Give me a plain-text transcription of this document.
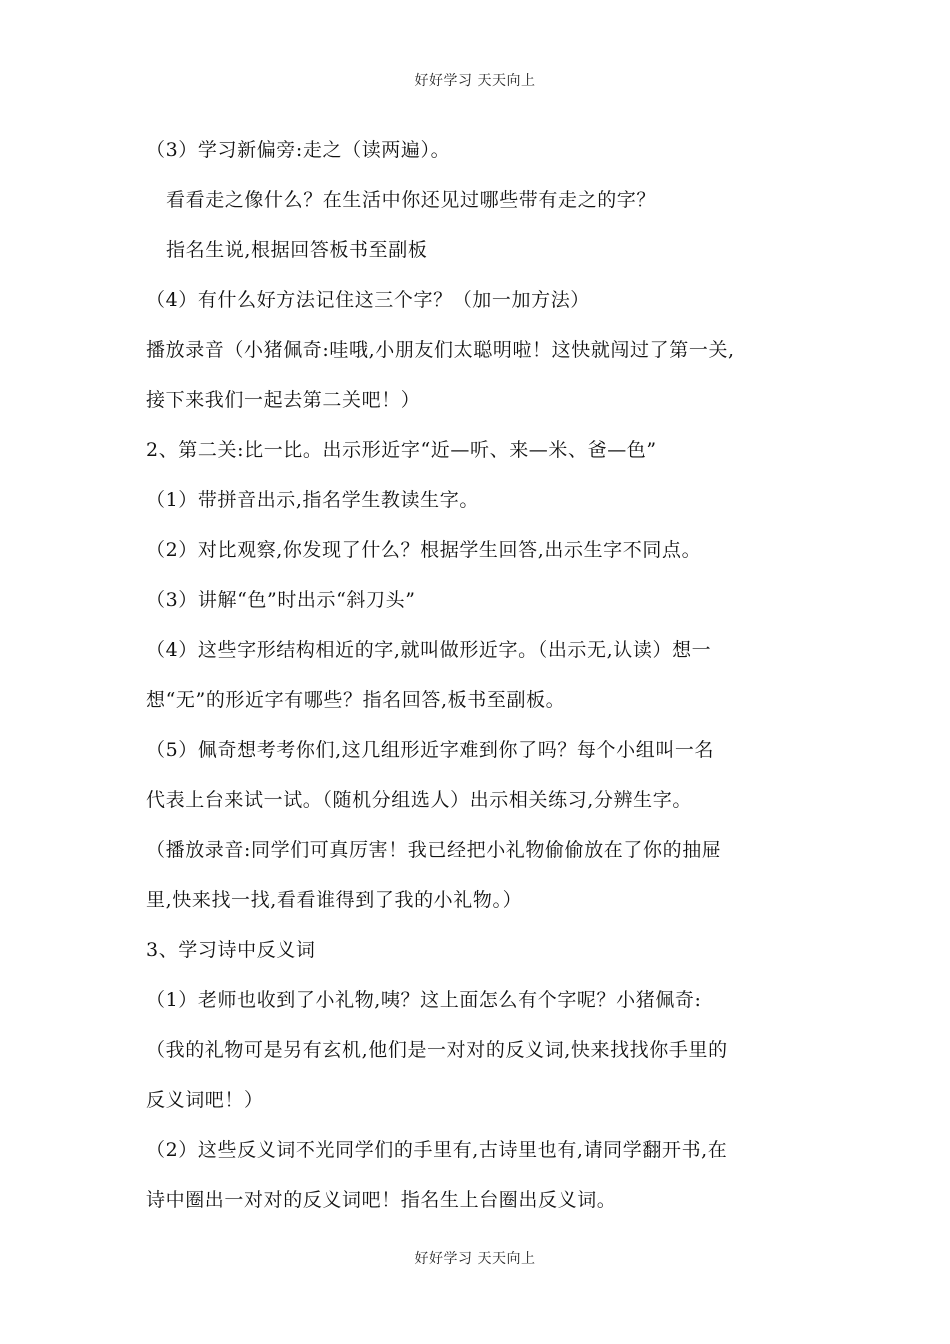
好好学习 天天向上
（3）学习新偏旁:走之（读两遍）。
看看走之像什么？在生活中你还见过哪些带有走之的字？
指名生说,根据回答板书至副板
（4）有什么好方法记住这三个字？（加一加方法）
播放录音（小猪佩奇:哇哦,小朋友们太聪明啦！这快就闯过了第一关,
接下来我们一起去第二关吧！）
2、第二关:比一比。出示形近字“近—听、来—米、爸—色”
（1）带拼音出示,指名学生教读生字。
（2）对比观察,你发现了什么？根据学生回答,出示生字不同点。
（3）讲解“色”时出示“斜刀头”
（4）这些字形结构相近的字,就叫做形近字。（出示无,认读）想一
想“无”的形近字有哪些？指名回答,板书至副板。
（5）佩奇想考考你们,这几组形近字难到你了吗？每个小组叫一名
代表上台来试一试。（随机分组选人）出示相关练习,分辨生字。
（播放录音:同学们可真厉害！我已经把小礼物偷偷放在了你的抽屉
里,快来找一找,看看谁得到了我的小礼物。）
3、学习诗中反义词
（1）老师也收到了小礼物,咦？这上面怎么有个字呢？小猪佩奇:
（我的礼物可是另有玄机,他们是一对对的反义词,快来找找你手里的
反义词吧！）
（2）这些反义词不光同学们的手里有,古诗里也有,请同学翻开书,在
诗中圈出一对对的反义词吧！指名生上台圈出反义词。
好好学习 天天向上
